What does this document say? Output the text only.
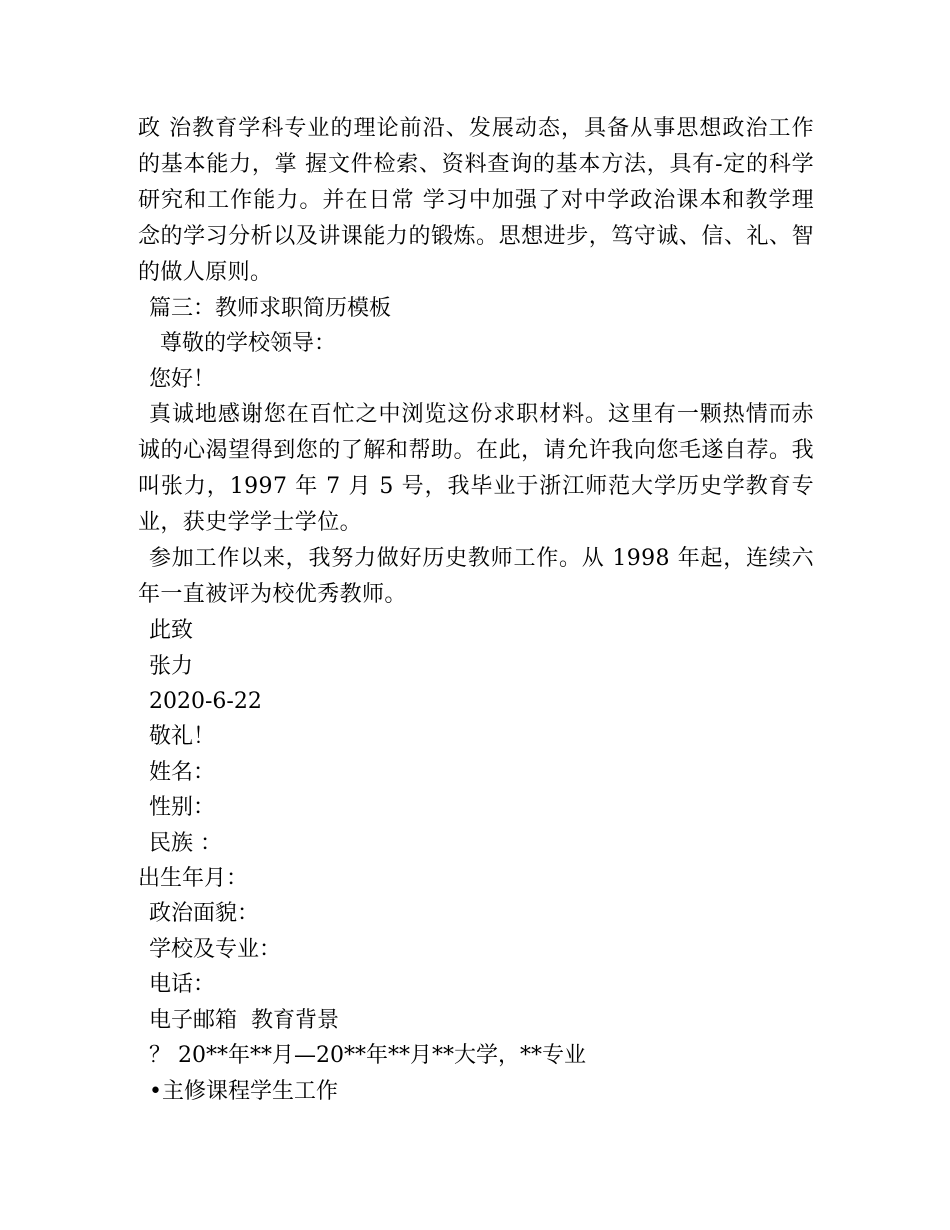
政 治教育学科专业的理论前沿、发展动态，具备从事思想政治工作的基本能力，掌 握文件检索、资料查询的基本方法，具有-定的科学研究和工作能力。并在日常 学习中加强了对中学政治课本和教学理念的学习分析以及讲课能力的锻炼。思想进步，笃守诚、信、礼、智的做人原则。

篇三：教师求职简历模板

尊敬的学校领导：

您好！

真诚地感谢您在百忙之中浏览这份求职材料。这里有一颗热情而赤诚的心渴望得到您的了解和帮助。在此，请允许我向您毛遂自荐。我叫张力，1997 年 7 月 5 号，我毕业于浙江师范大学历史学教育专业，获史学学士学位。

参加工作以来，我努力做好历史教师工作。从 1998 年起，连续六年一直被评为校优秀教师。

此致

张力

2020-6-22

敬礼！

姓名：

性别：

民族 ：

出生年月：

政治面貌：

学校及专业：

电话：

电子邮箱  教育背景

？ 20**年**月—20**年**月**大学，**专业

•主修课程学生工作
